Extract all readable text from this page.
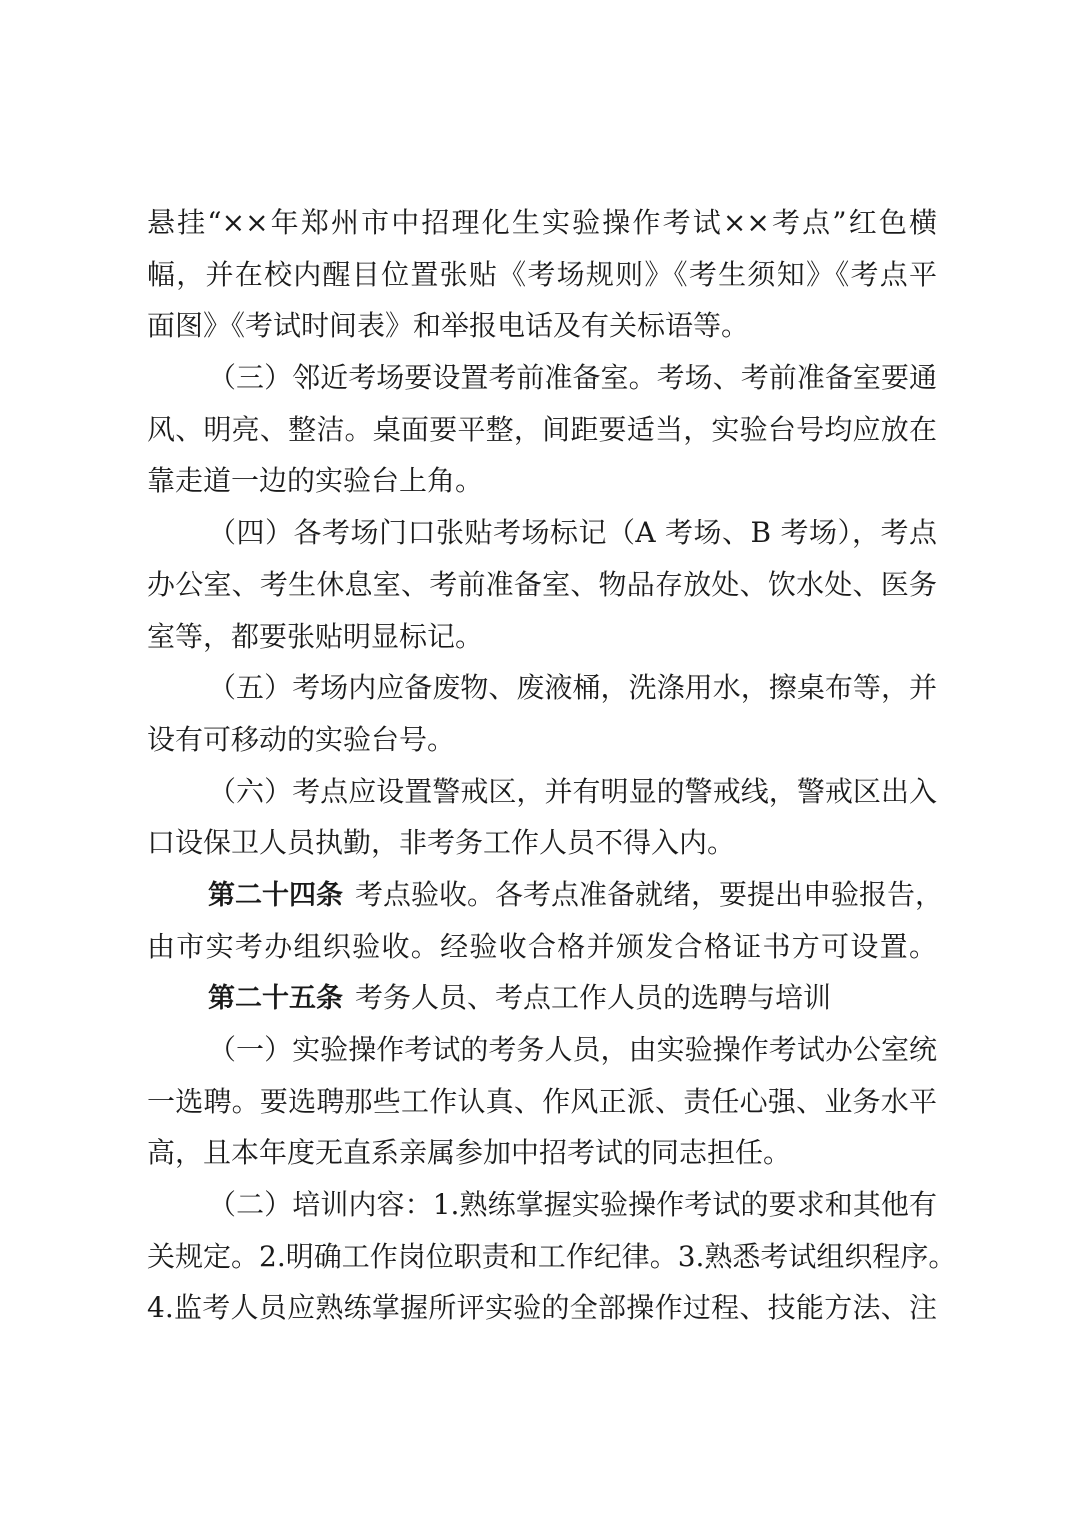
悬挂“××年郑州市中招理化生实验操作考试××考点”红色横
幅，并在校内醒目位置张贴《考场规则》《考生须知》《考点平
面图》《考试时间表》和举报电话及有关标语等。
（三）邻近考场要设置考前准备室。考场、考前准备室要通
风、明亮、整洁。桌面要平整，间距要适当，实验台号均应放在
靠走道一边的实验台上角。
（四）各考场门口张贴考场标记（A 考场、B 考场），考点
办公室、考生休息室、考前准备室、物品存放处、饮水处、医务
室等，都要张贴明显标记。
（五）考场内应备废物、废液桶，洗涤用水，擦桌布等，并
设有可移动的实验台号。
（六）考点应设置警戒区，并有明显的警戒线，警戒区出入
口设保卫人员执勤，非考务工作人员不得入内。
第二十四条 考点验收。各考点准备就绪，要提出申验报告，
由市实考办组织验收。经验收合格并颁发合格证书方可设置。
第二十五条 考务人员、考点工作人员的选聘与培训
（一）实验操作考试的考务人员，由实验操作考试办公室统
一选聘。要选聘那些工作认真、作风正派、责任心强、业务水平
高，且本年度无直系亲属参加中招考试的同志担任。
（二）培训内容：1.熟练掌握实验操作考试的要求和其他有
关规定。2.明确工作岗位职责和工作纪律。3.熟悉考试组织程序。
4.监考人员应熟练掌握所评实验的全部操作过程、技能方法、注
